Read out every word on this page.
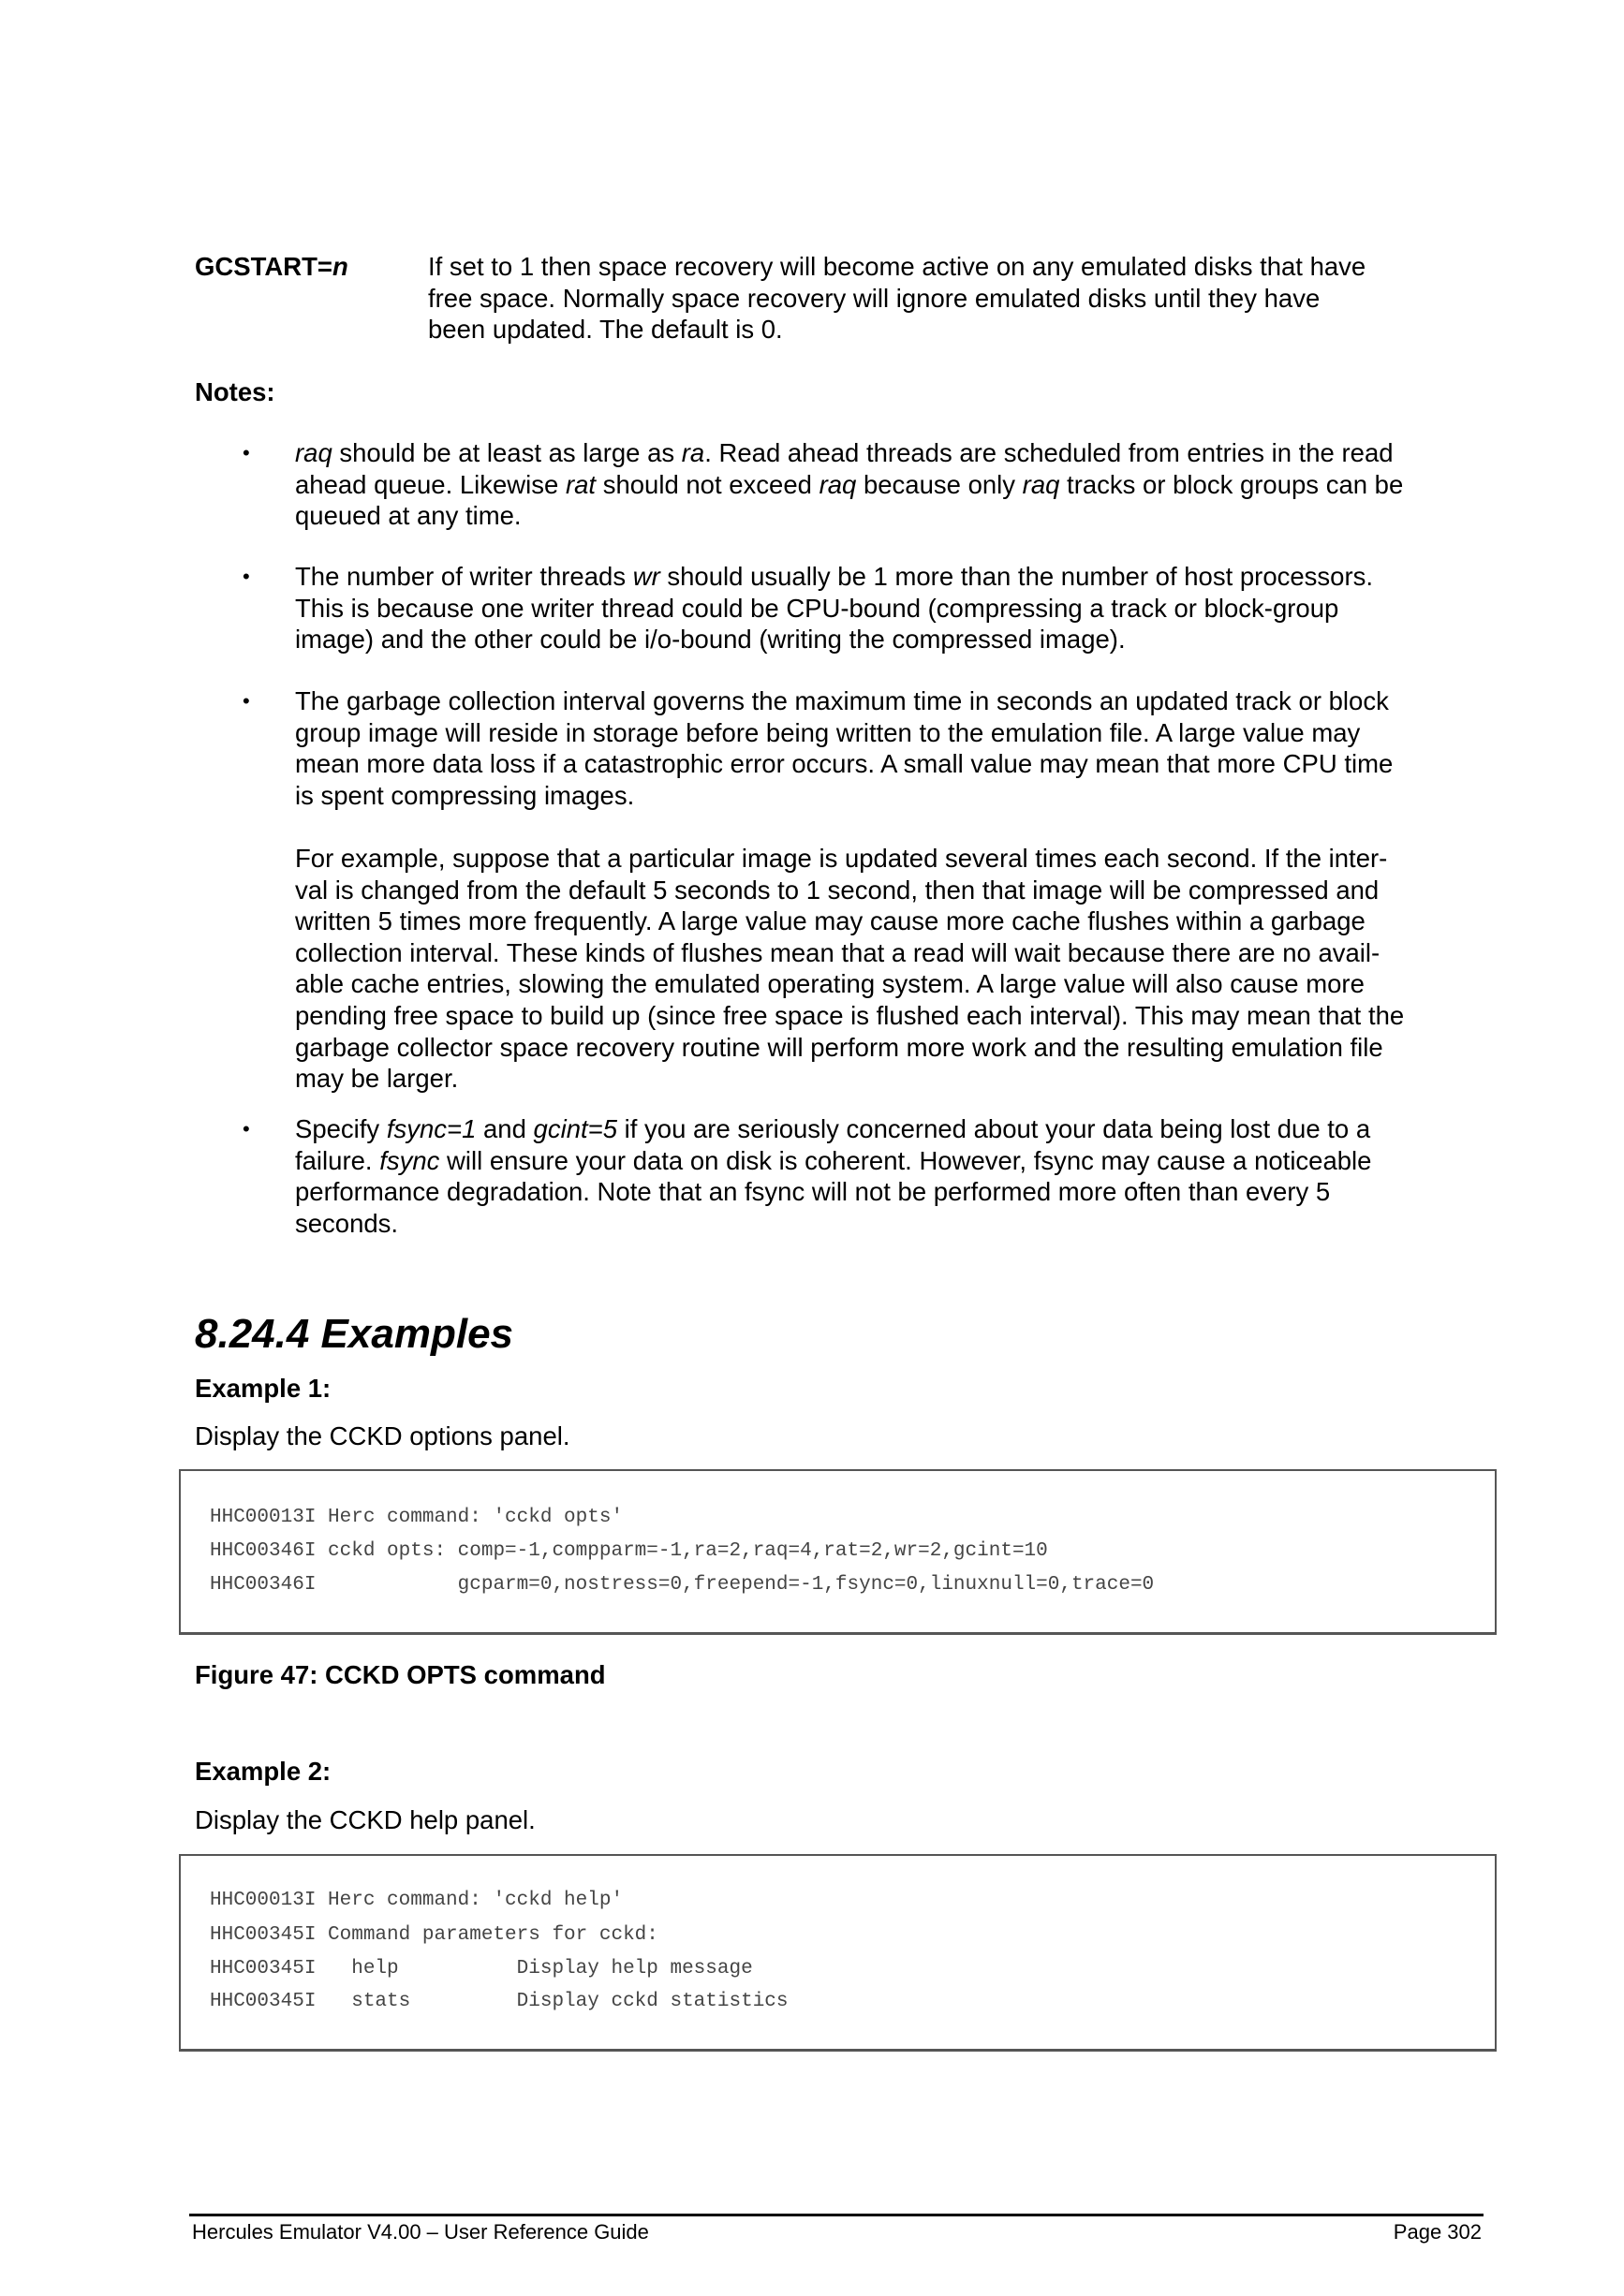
GCSTART=n	If set to 1 then space recovery will become active on any emulated disks that have
free space. Normally space recovery will ignore emulated disks until they have
been updated. The default is 0.
Notes:
• raq should be at least as large as ra. Read ahead threads are scheduled from entries in the read
ahead queue. Likewise rat should not exceed raq because only raq tracks or block groups can be
queued at any time.
• The number of writer threads wr should usually be 1 more than the number of host processors.
This is because one writer thread could be CPU-bound (compressing a track or block-group
image) and the other could be i/o-bound (writing the compressed image).
• The garbage collection interval governs the maximum time in seconds an updated track or block
group image will reside in storage before being written to the emulation file. A large value may
mean more data loss if a catastrophic error occurs. A small value may mean that more CPU time
is spent compressing images.
For example, suppose that a particular image is updated several times each second. If the inter-
val is changed from the default 5 seconds to 1 second, then that image will be compressed and
written 5 times more frequently. A large value may cause more cache flushes within a garbage
collection interval. These kinds of flushes mean that a read will wait because there are no avail-
able cache entries, slowing the emulated operating system. A large value will also cause more
pending free space to build up (since free space is flushed each interval). This may mean that the
garbage collector space recovery routine will perform more work and the resulting emulation file
may be larger.
• Specify fsync=1 and gcint=5 if you are seriously concerned about your data being lost due to a
failure. fsync will ensure your data on disk is coherent. However, fsync may cause a noticeable
performance degradation. Note that an fsync will not be performed more often than every 5
seconds.
8.24.4 Examples
Example 1:
Display the CCKD options panel.
HHC00013I Herc command: 'cckd opts'
HHC00346I cckd opts: comp=-1,compparm=-1,ra=2,raq=4,rat=2,wr=2,gcint=10
HHC00346I            gcparm=0,nostress=0,freepend=-1,fsync=0,linuxnull=0,trace=0
Figure 47: CCKD OPTS command
Example 2:
Display the CCKD help panel.
HHC00013I Herc command: 'cckd help'
HHC00345I Command parameters for cckd:
HHC00345I   help          Display help message
HHC00345I   stats         Display cckd statistics
Hercules Emulator V4.00 – User Reference Guide	Page 302
